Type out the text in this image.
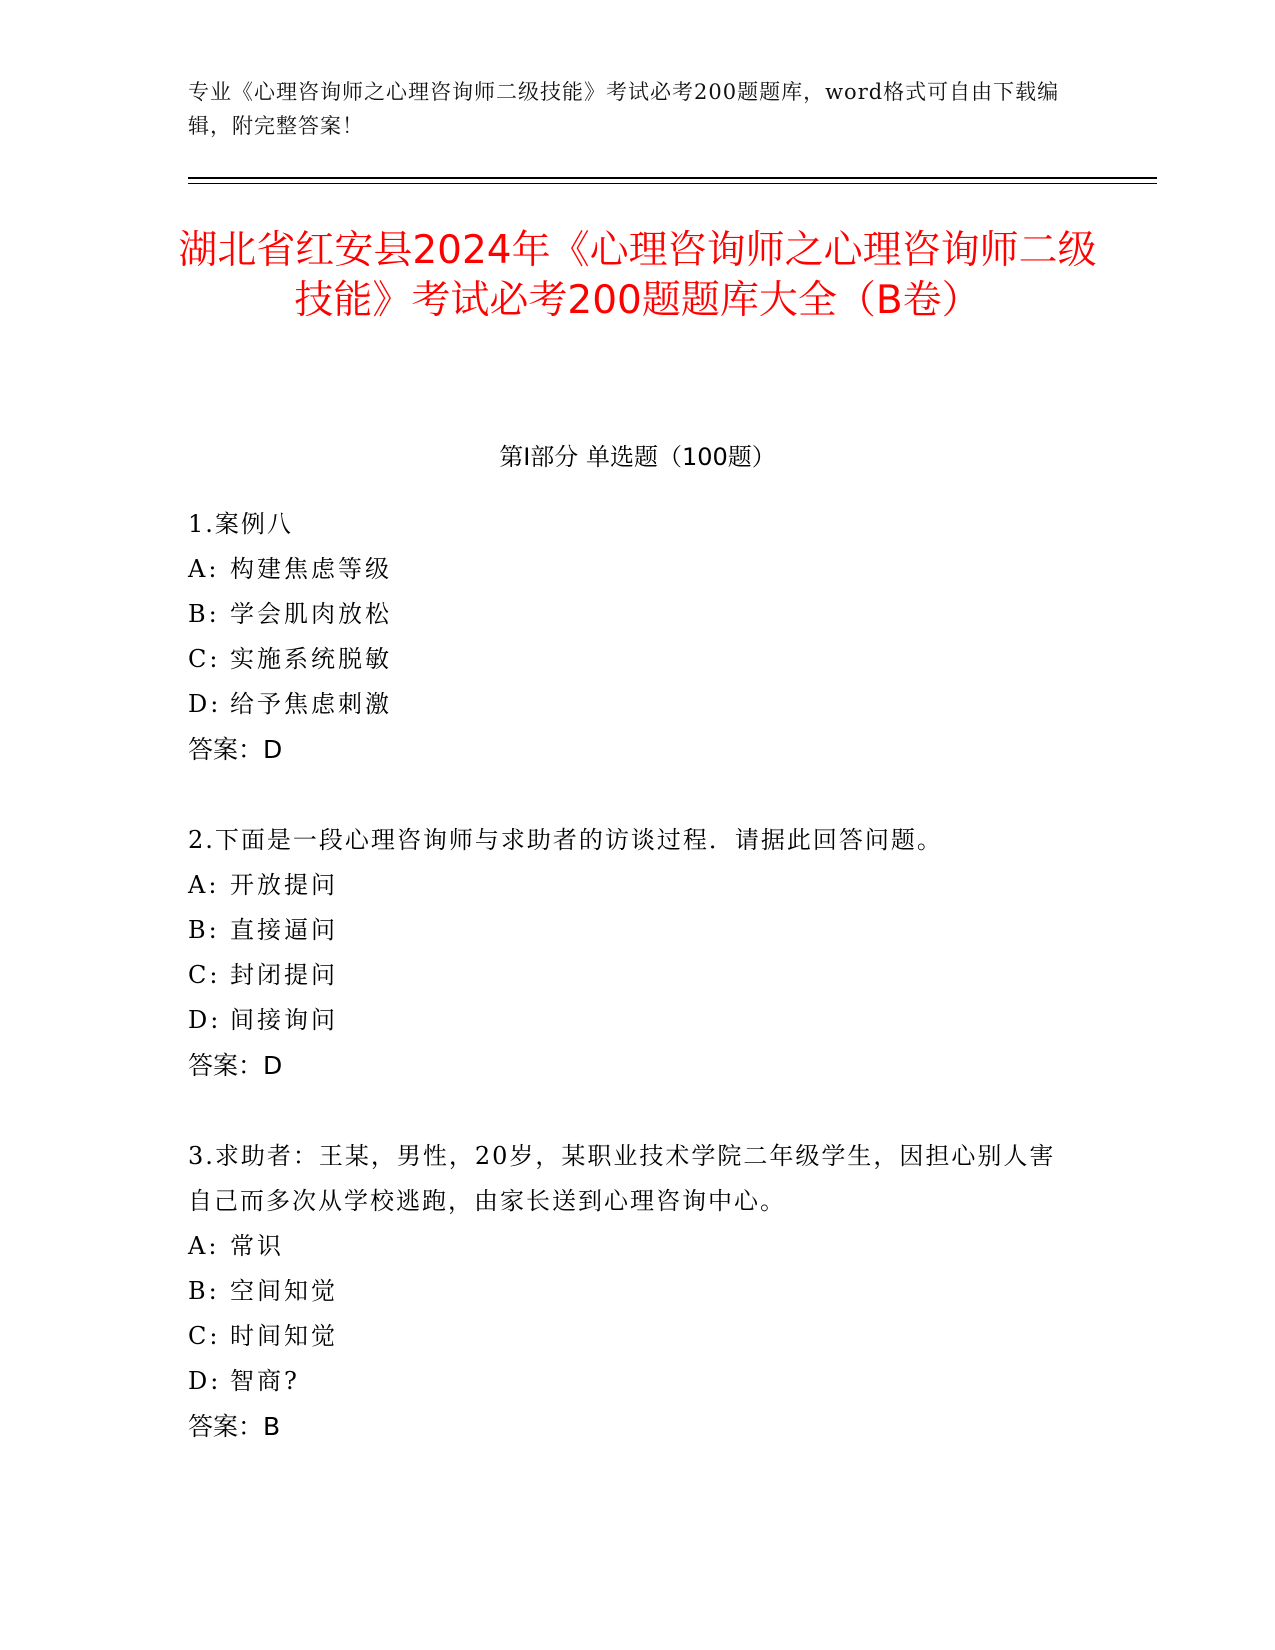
专业《心理咨询师之心理咨询师二级技能》考试必考200题题库，word格式可自由下载编辑，附完整答案！

湖北省红安县2024年《心理咨询师之心理咨询师二级技能》考试必考200题题库大全（B卷）
第Ⅰ部分 单选题（100题）

1.案例八

A: 构建焦虑等级

B: 学会肌肉放松

C: 实施系统脱敏

D: 给予焦虑刺激

答案：D

2.下面是一段心理咨询师与求助者的访谈过程．请据此回答问题。

A: 开放提问

B: 直接逼问

C: 封闭提问

D: 间接询问

答案：D

3.求助者：王某，男性，20岁，某职业技术学院二年级学生，因担心别人害自己而多次从学校逃跑，由家长送到心理咨询中心。

A: 常识

B: 空间知觉

C: 时间知觉

D: 智商?

答案：B
